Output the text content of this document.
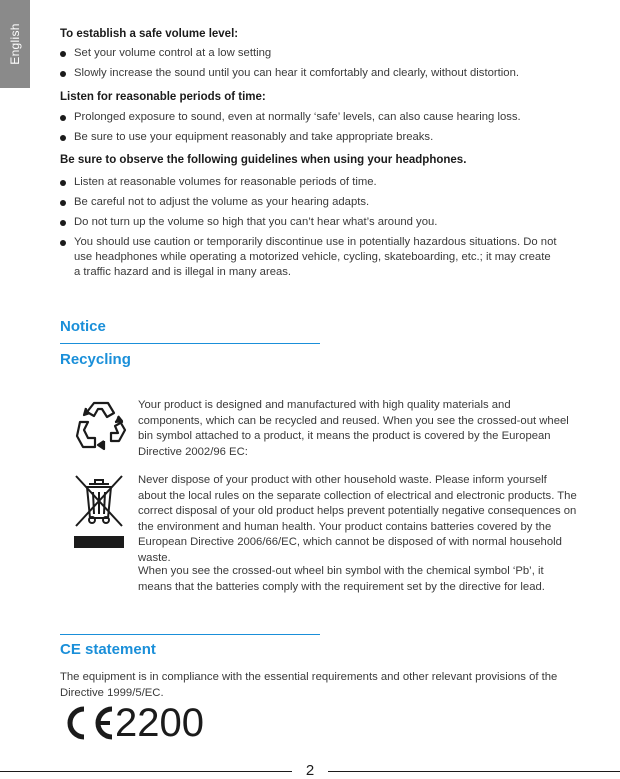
English	To establish a safe volume level:
Set your volume control at a low setting
Slowly increase the sound until you can hear it comfortably and clearly, without distortion.
Listen for reasonable periods of time:
Prolonged exposure to sound, even at normally ‘safe’ levels, can also cause hearing loss.
Be sure to use your equipment reasonably and take appropriate breaks.
Be sure to observe the following guidelines when using your headphones.
Listen at reasonable volumes for reasonable periods of time.
Be careful not to adjust the volume as your hearing adapts.
Do not turn up the volume so high that you can’t hear what’s around you.
You should use caution or temporarily discontinue use in potentially hazardous situations. Do not use headphones while operating a motorized vehicle, cycling, skateboarding, etc.; it may create a traffic hazard and is illegal in many areas.
Notice
Recycling

Your product is designed and manufactured with high quality materials and components, which can be recycled and reused. When you see the crossed-out wheel bin symbol attached to a product, it means the product is covered by the European Directive 2002/96 EC:

Never dispose of your product with other household waste. Please inform yourself about the local rules on the separate collection of electrical and electronic products. The correct disposal of your old product helps prevent potentially negative consequences on the environment and human health. Your product contains batteries covered by the European Directive 2006/66/EC, which cannot be disposed of with normal household waste.

When you see the crossed-out wheel bin symbol with the chemical symbol ‘Pb’, it means that the batteries comply with the requirement set by the directive for lead.

CE statement

The equipment is in compliance with the essential requirements and other relevant provisions of the Directive 1999/5/EC.

2200
2
